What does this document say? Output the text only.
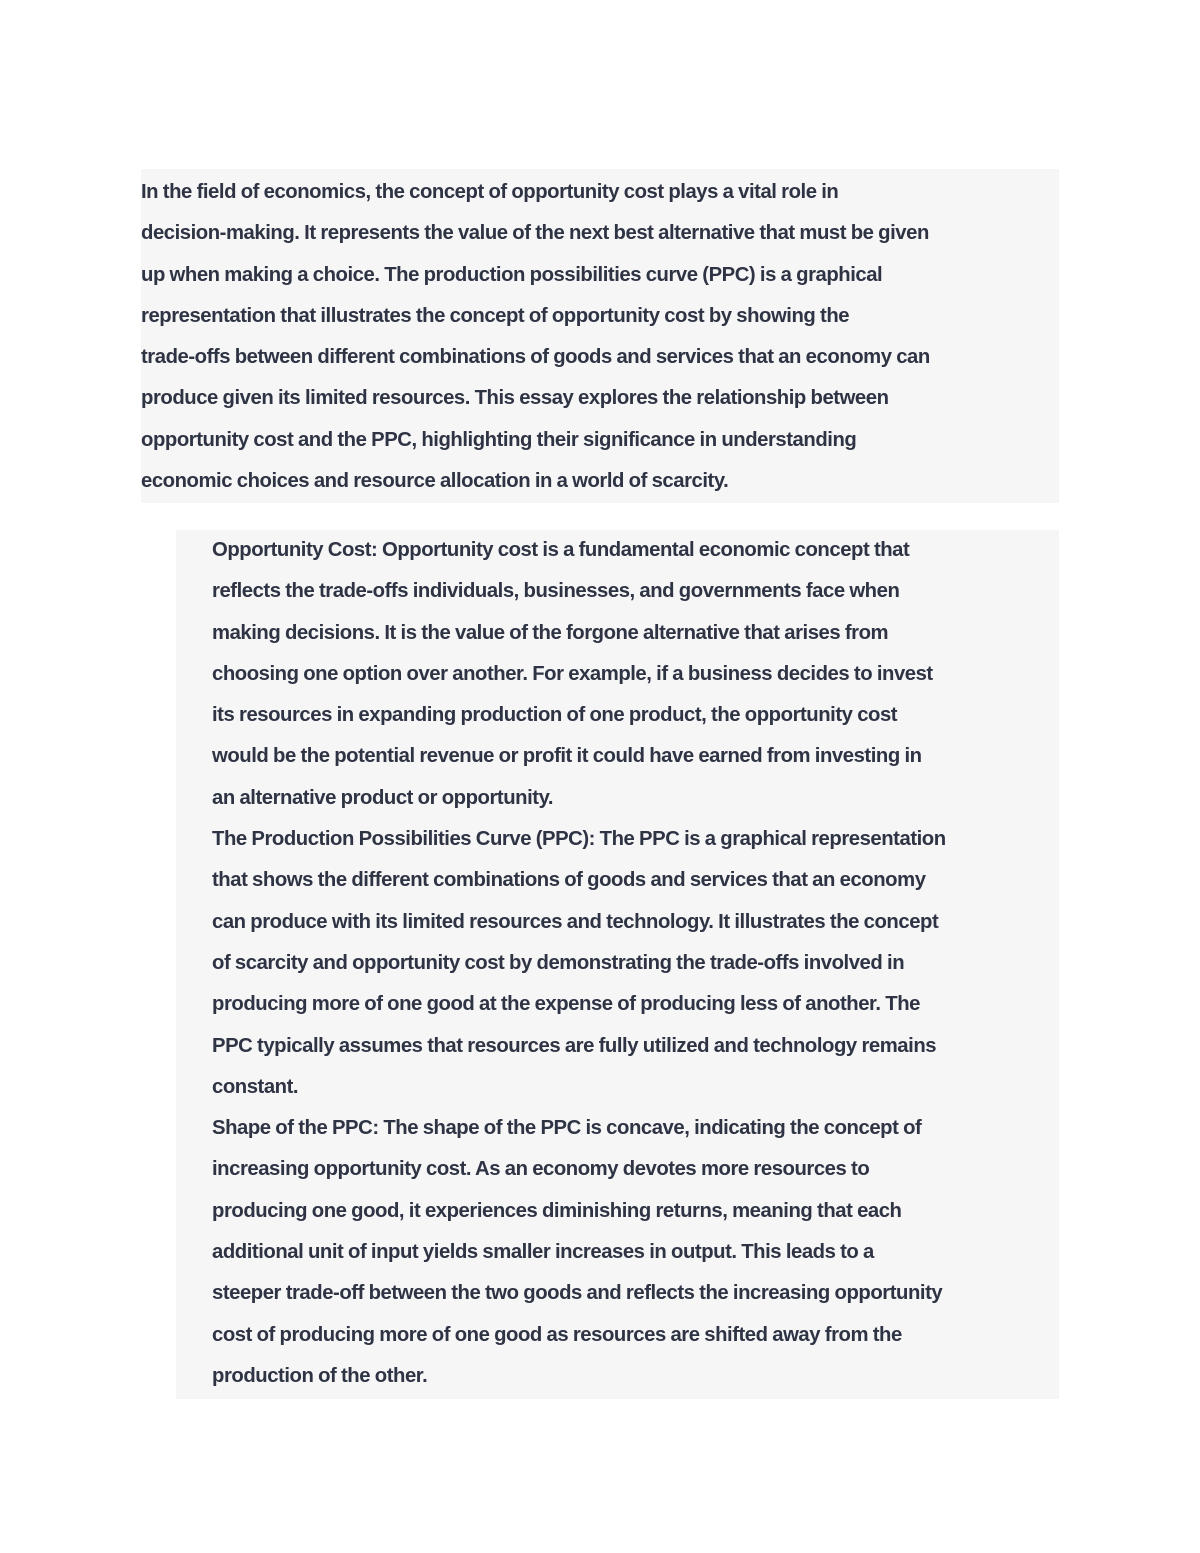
In the field of economics, the concept of opportunity cost plays a vital role in
decision-making. It represents the value of the next best alternative that must be given
up when making a choice. The production possibilities curve (PPC) is a graphical
representation that illustrates the concept of opportunity cost by showing the
trade-offs between different combinations of goods and services that an economy can
produce given its limited resources. This essay explores the relationship between
opportunity cost and the PPC, highlighting their significance in understanding
economic choices and resource allocation in a world of scarcity.

Opportunity Cost: Opportunity cost is a fundamental economic concept that
reflects the trade-offs individuals, businesses, and governments face when
making decisions. It is the value of the forgone alternative that arises from
choosing one option over another. For example, if a business decides to invest
its resources in expanding production of one product, the opportunity cost
would be the potential revenue or profit it could have earned from investing in
an alternative product or opportunity.
The Production Possibilities Curve (PPC): The PPC is a graphical representation
that shows the different combinations of goods and services that an economy
can produce with its limited resources and technology. It illustrates the concept
of scarcity and opportunity cost by demonstrating the trade-offs involved in
producing more of one good at the expense of producing less of another. The
PPC typically assumes that resources are fully utilized and technology remains
constant.
Shape of the PPC: The shape of the PPC is concave, indicating the concept of
increasing opportunity cost. As an economy devotes more resources to
producing one good, it experiences diminishing returns, meaning that each
additional unit of input yields smaller increases in output. This leads to a
steeper trade-off between the two goods and reflects the increasing opportunity
cost of producing more of one good as resources are shifted away from the
production of the other.
